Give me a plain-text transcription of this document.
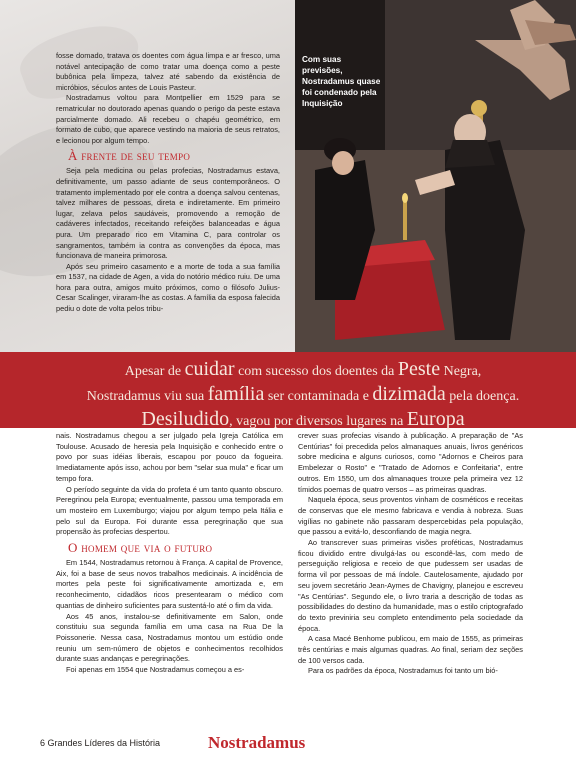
Com suas previsões, Nostradamus quase foi condenado pela Inquisição

fosse domado, tratava os doentes com água limpa e ar fresco, uma notável antecipação de como tratar uma doença como a peste bubônica pela limpeza, talvez até sabendo da existência de micróbios, séculos antes de Louis Pasteur.

Nostradamus voltou para Montpellier em 1529 para se rematricular no doutorado apenas quando o perigo da peste estava parcialmente domado. Ali recebeu o chapéu geométrico, em formato de cubo, que aparece vestindo na maioria de seus retratos, e lecionou por algum tempo.

À frente de seu tempo

Seja pela medicina ou pelas profecias, Nostradamus estava, definitivamente, um passo adiante de seus contemporâneos. O tratamento implementado por ele contra a doença salvou centenas, talvez milhares de pessoas, direta e indiretamente. Em primeiro lugar, zelava pelos saudáveis, promovendo a remoção de cadáveres infectados, receitando refeições balanceadas e água pura. Um preparado rico em Vitamina C, para controlar os sangramentos, também ia contra as convenções da época, mas funcionava de maneira primorosa.

Após seu primeiro casamento e a morte de toda a sua família em 1537, na cidade de Agen, a vida do notório médico ruiu. De uma hora para outra, amigos muito próximos, como o filósofo Julius-Cesar Scalinger, viraram-lhe as costas. A família da esposa falecida pediu o dote de volta pelos tribu-

Apesar de cuidar com sucesso dos doentes da Peste Negra,

Nostradamus viu sua família ser contaminada e dizimada pela doença.

Desiludido, vagou por diversos lugares na Europa

nais. Nostradamus chegou a ser julgado pela Igreja Católica em Toulouse. Acusado de heresia pela Inquisição e conhecido entre o povo por suas idéias liberais, escapou por pouco da fogueira. Imediatamente após isso, achou por bem "selar sua mula" e ficar um tempo fora.

O período seguinte da vida do profeta é um tanto quanto obscuro. Peregrinou pela Europa; eventualmente, passou uma temporada em um mosteiro em Luxemburgo; viajou por algum tempo pela Itália e pelo sul da Europa. Foi durante essa peregrinação que sua propensão às profecias despertou.

O homem que via o futuro

Em 1544, Nostradamus retornou à França. A capital de Provence, Aix, foi a base de seus novos trabalhos medicinais. A incidência de mortes pela peste foi significativamente amortizada e, em reconhecimento, cidadãos ricos presentearam o médico com quantias de dinheiro suficientes para sustentá-lo até o fim da vida.

Aos 45 anos, instalou-se definitivamente em Salon, onde constituiu sua segunda família em uma casa na Rua De la Poissonerie. Nessa casa, Nostradamus montou um estúdio onde reuniu um sem-número de objetos e conhecimentos recolhidos durante suas andanças e peregrinações.

Foi apenas em 1554 que Nostradamus começou a es-

crever suas profecias visando à publicação. A preparação de "As Centúrias" foi precedida pelos almanaques anuais, livros genéricos sobre medicina e alguns curiosos, como "Adornos e Cheiros para Embelezar o Rosto" e "Tratado de Adornos e Confeitaria", entre outros. Em 1550, um dos almanaques trouxe pela primeira vez 12 tímidos poemas de quatro versos – as primeiras quadras.

Naquela época, seus proventos vinham de cosméticos e receitas de conservas que ele mesmo fabricava e vendia à nobreza. Suas vigílias no gabinete não passaram despercebidas pela população, que passou a evitá-lo, desconfiando de magia negra.

Ao transcrever suas primeiras visões proféticas, Nostradamus ficou dividido entre divulgá-las ou escondê-las, com medo de perseguição religiosa e receio de que pudessem ser usadas de forma vil por pessoas de má índole. Cautelosamente, ajudado por seu jovem secretário Jean-Aymes de Chavigny, planejou e escreveu "As Centúrias". Segundo ele, o livro traria a descrição de todas as possibilidades do destino da humanidade, mas o estilo criptografado do texto previniria seu completo entendimento pela sociedade da época.

A casa Macé Benhome publicou, em maio de 1555, as primeiras três centúrias e mais algumas quadras. Ao final, seriam dez seções de 100 versos cada.

Para os padrões da época, Nostradamus foi tanto um bió-

6 Grandes Líderes da História	Nostradamus
